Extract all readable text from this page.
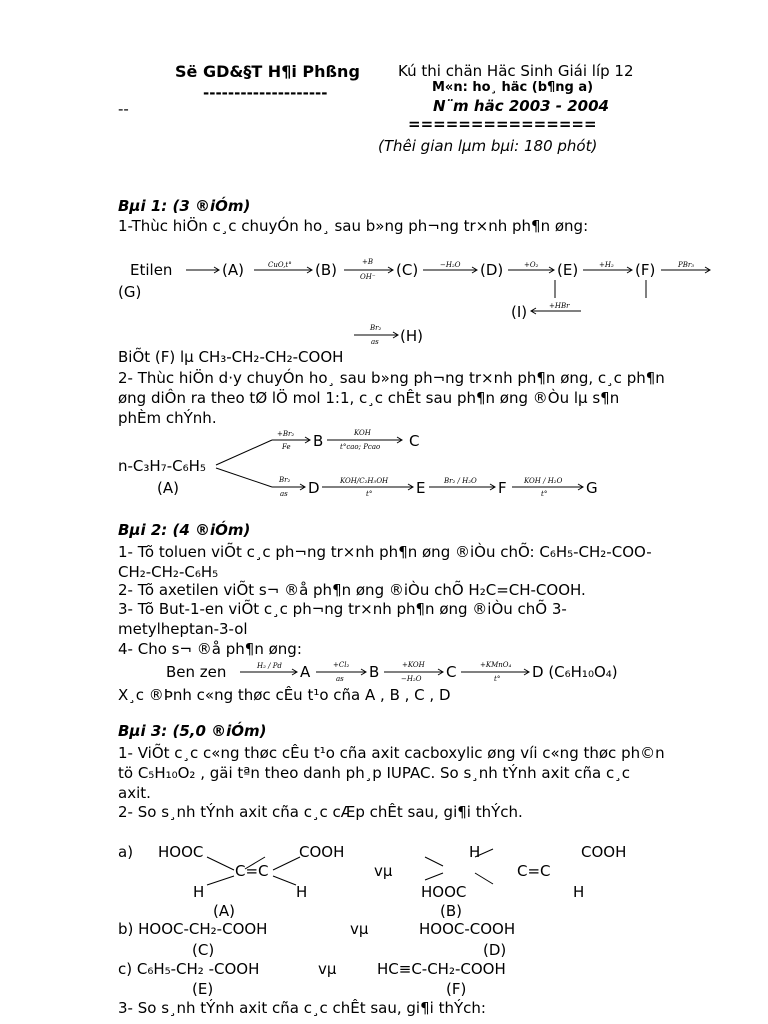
Së GD&§T H¶i Phßng
--------------------
--
Kú thi chän Häc Sinh Giái líp 12
M«n: ho¸ häc (b¶ng a)
N¨m häc 2003 - 2004
===============
(Thêi gian lµm bµi: 180 phót)
Bµi 1: (3 ®iÓm)
1-Thùc hiÖn c¸c chuyÓn ho¸ sau b»ng ph¬ng tr×nh ph¶n øng:
Etilen	(A)	(B)	(C)	(D)	(E)	(F)
(G)
(I)
(H)
BiÕt (F) lµ CH₃-CH₂-CH₂-COOH
2- Thùc hiÖn d·y chuyÓn ho¸ sau b»ng ph¬ng tr×nh ph¶n øng, c¸c ph¶n
øng diÔn ra theo tØ lÖ mol 1:1, c¸c chÊt sau ph¶n øng ®Òu lµ s¶n
phÈm chÝnh.
n-C₃H₇-C₆H₅
(A)
B	C
D	E	F	G
Bµi 2: (4 ®iÓm)
1- Tõ toluen viÕt c¸c ph¬ng tr×nh ph¶n øng ®iÒu chÕ: C₆H₅-CH₂-COO-
CH₂-CH₂-C₆H₅
2- Tõ axetilen viÕt s¬ ®å ph¶n øng ®iÒu chÕ H₂C=CH-COOH.
3- Tõ But-1-en viÕt c¸c ph¬ng tr×nh ph¶n øng ®iÒu chÕ 3-
metylheptan-3-ol
4- Cho s¬ ®å ph¶n øng:
Ben zen	A	B	C	D (C₆H₁₀O₄)
X¸c ®Þnh c«ng thøc cÊu t¹o cña A , B , C , D
Bµi 3: (5,0 ®iÓm)
1- ViÕt c¸c c«ng thøc cÊu t¹o cña axit cacboxylic øng víi c«ng thøc ph©n
tö C₅H₁₀O₂ , gäi tªn theo danh ph¸p IUPAC. So s¸nh tÝnh axit cña c¸c
axit.
2- So s¸nh tÝnh axit cña c¸c cÆp chÊt sau, gi¶i thÝch.
a) HOOC	COOH
C=C
H	H
(A)
vµ
H	COOH
C=C
HOOC	H
(B)
b) HOOC-CH₂-COOH	vµ	HOOC-COOH
(C)	(D)
c) C₆H₅-CH₂ -COOH	vµ	HC≡C-CH₂-COOH
(E)	(F)
3- So s¸nh tÝnh axit cña c¸c chÊt sau, gi¶i thÝch:
CuO,t°	+B
OH⁻
−H₂O	+O₂	+H₂	PBr₃
+HBr
Br₂
as
+Br₂
Fe
KOH
t°cao; Pcao
Br₂
as
KOH/C₂H₅OH
t°
Br₂ / H₂O	KOH / H₂O
t°
H₂ / Pd	+Cl₂
as
+KOH
−H₂O
+KMnO₄
t°
